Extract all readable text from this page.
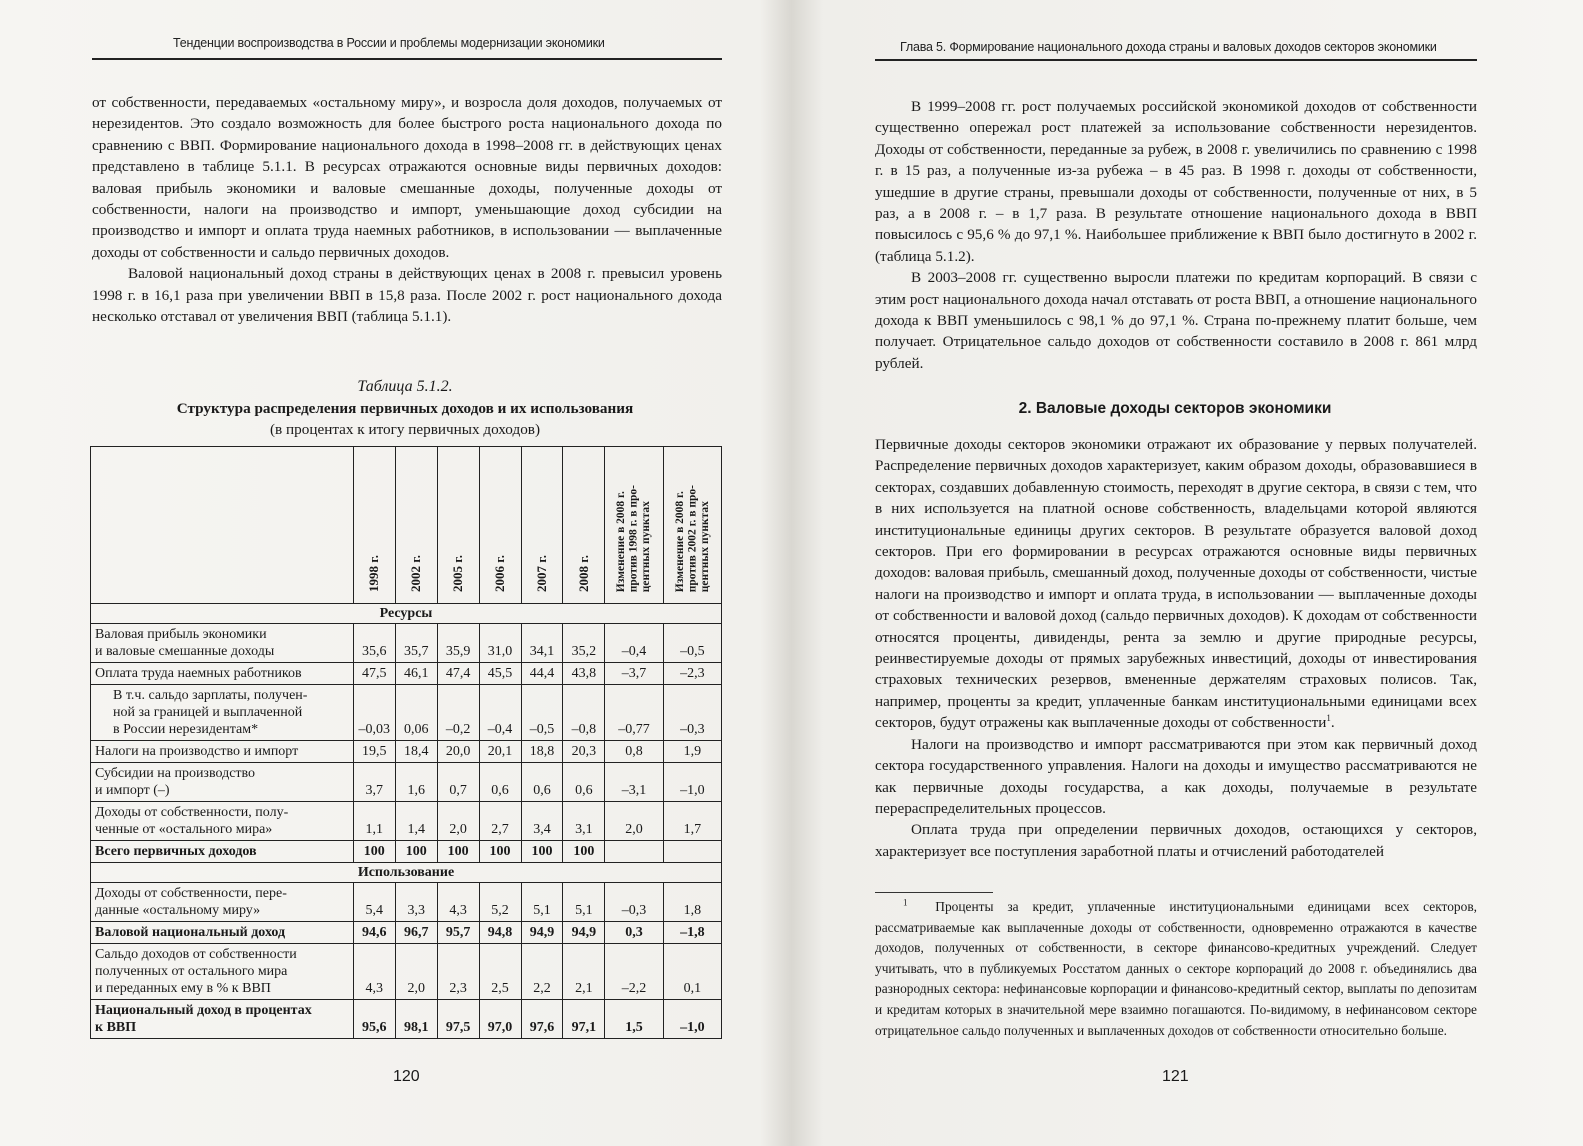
Тенденции воспроизводства в России и проблемы модернизации экономики

от собственности, передаваемых «остальному миру», и возросла доля доходов, получаемых от нерезидентов. Это создало возможность для более быстрого роста национального дохода по сравнению с ВВП. Формирование национального дохода в 1998–2008 гг. в действующих ценах представлено в таблице 5.1.1. В ресурсах отражаются основные виды первичных доходов: валовая прибыль экономики и валовые смешанные доходы, полученные доходы от собственности, налоги на производство и импорт, уменьшающие доход субсидии на производство и импорт и оплата труда наемных работников, в использовании — выплаченные доходы от собственности и сальдо первичных доходов.

Валовой национальный доход страны в действующих ценах в 2008 г. превысил уровень 1998 г. в 16,1 раза при увеличении ВВП в 15,8 раза. После 2002 г. рост национального дохода несколько отставал от увеличения ВВП (таблица 5.1.1).

Таблица 5.1.2.
Структура распределения первичных доходов и их использования
(в процентах к итогу первичных доходов)
	1998 г.	2002 г.	2005 г.	2006 г.	2007 г.	2008 г.	Изменение в 2008 г.
против 1998 г. в про-
центных пунктах	Изменение в 2008 г.
против 2002 г. в про-
центных пунктах
Ресурсы								
Валовая прибыль экономики
и валовые смешанные доходы	35,6	35,7	35,9	31,0	34,1	35,2	–0,4	–0,5
Оплата труда наемных работников	47,5	46,1	47,4	45,5	44,4	43,8	–3,7	–2,3
В т.ч. сальдо зарплаты, получен-
ной за границей и выплаченной
в России нерезидентам*	–0,03	0,06	–0,2	–0,4	–0,5	–0,8	–0,77	–0,3
Налоги на производство и импорт	19,5	18,4	20,0	20,1	18,8	20,3	0,8	1,9
Субсидии на производство
и импорт (–)	3,7	1,6	0,7	0,6	0,6	0,6	–3,1	–1,0
Доходы от собственности, полу-
ченные от «остального мира»	1,1	1,4	2,0	2,7	3,4	3,1	2,0	1,7
Всего первичных доходов	100	100	100	100	100	100		
Использование								
Доходы от собственности, пере-
данные «остальному миру»	5,4	3,3	4,3	5,2	5,1	5,1	–0,3	1,8
Валовой национальный доход	94,6	96,7	95,7	94,8	94,9	94,9	0,3	–1,8
Сальдо доходов от собственности
полученных от остального мира
и переданных ему в % к ВВП	4,3	2,0	2,3	2,5	2,2	2,1	–2,2	0,1
Национальный доход в процентах
к ВВП	95,6	98,1	97,5	97,0	97,6	97,1	1,5	–1,0
120
Глава 5. Формирование национального дохода страны и валовых доходов секторов экономики

В 1999–2008 гг. рост получаемых российской экономикой доходов от собственности существенно опережал рост платежей за использование собственности нерезидентов. Доходы от собственности, переданные за рубеж, в 2008 г. увеличились по сравнению с 1998 г. в 15 раз, а полученные из-за рубежа – в 45 раз. В 1998 г. доходы от собственности, ушедшие в другие страны, превышали доходы от собственности, полученные от них, в 5 раз, а в 2008 г. – в 1,7 раза. В результате отношение национального дохода в ВВП повысилось с 95,6 % до 97,1 %. Наибольшее приближение к ВВП было достигнуто в 2002 г. (таблица 5.1.2).

В 2003–2008 гг. существенно выросли платежи по кредитам корпораций. В связи с этим рост национального дохода начал отставать от роста ВВП, а отношение национального дохода к ВВП уменьшилось с 98,1 % до 97,1 %. Страна по-прежнему платит больше, чем получает. Отрицательное сальдо доходов от собственности составило в 2008 г. 861 млрд рублей.

2. Валовые доходы секторов экономики

Первичные доходы секторов экономики отражают их образование у первых получателей. Распределение первичных доходов характеризует, каким образом доходы, образовавшиеся в секторах, создавших добавленную стоимость, переходят в другие сектора, в связи с тем, что в них используется на платной основе собственность, владельцами которой являются институциональные единицы других секторов. В результате образуется валовой доход секторов. При его формировании в ресурсах отражаются основные виды первичных доходов: валовая прибыль, смешанный доход, полученные доходы от собственности, чистые налоги на производство и импорт и оплата труда, в использовании — выплаченные доходы от собственности и валовой доход (сальдо первичных доходов). К доходам от собственности относятся проценты, дивиденды, рента за землю и другие природные ресурсы, реинвестируемые доходы от прямых зарубежных инвестиций, доходы от инвестирования страховых технических резервов, вмененные держателям страховых полисов. Так, например, проценты за кредит, уплаченные банкам институциональными единицами всех секторов, будут отражены как выплаченные доходы от собственности$^1$.

Налоги на производство и импорт рассматриваются при этом как первичный доход сектора государственного управления. Налоги на доходы и имущество рассматриваются не как первичные доходы государства, а как доходы, получаемые в результате перераспределительных процессов.

Оплата труда при определении первичных доходов, остающихся у секторов, характеризует все поступления заработной платы и отчислений работодателей

$^1$ Проценты за кредит, уплаченные институциональными единицами всех секторов, рассматриваемые как выплаченные доходы от собственности, одновременно отражаются в качестве доходов, полученных от собственности, в секторе финансово-кредитных учреждений. Следует учитывать, что в публикуемых Росстатом данных о секторе корпораций до 2008 г. объединялись два разнородных сектора: нефинансовые корпорации и финансово-кредитный сектор, выплаты по депозитам и кредитам которых в значительной мере взаимно погашаются. По-видимому, в нефинансовом секторе отрицательное сальдо полученных и выплаченных доходов от собственности относительно больше.

121
